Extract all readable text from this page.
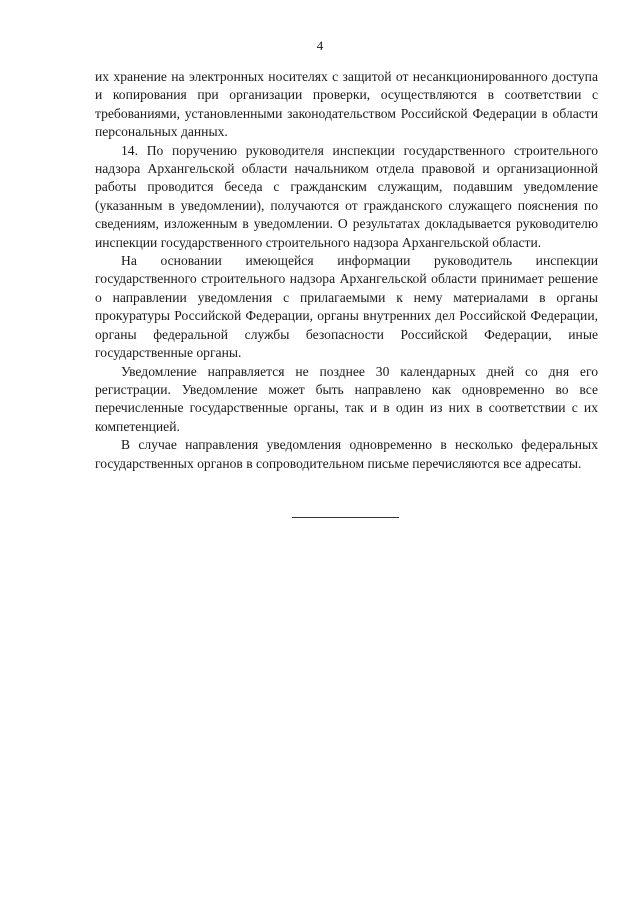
4

их хранение на электронных носителях с защитой от несанкционированного доступа и копирования при организации проверки, осуществляются в соответствии с требованиями, установленными законодательством Российской Федерации в области персональных данных.

14. По поручению руководителя инспекции государственного строительного надзора Архангельской области начальником отдела правовой и организационной работы проводится беседа с гражданским служащим, подавшим уведомление (указанным в уведомлении), получаются от гражданского служащего пояснения по сведениям, изложенным в уведомлении. О результатах докладывается руководителю инспекции государственного строительного надзора Архангельской области.

На основании имеющейся информации руководитель инспекции государственного строительного надзора Архангельской области принимает решение о направлении уведомления с прилагаемыми к нему материалами в органы прокуратуры Российской Федерации, органы внутренних дел Российской Федерации, органы федеральной службы безопасности Российской Федерации, иные государственные органы.

Уведомление направляется не позднее 30 календарных дней со дня его регистрации. Уведомление может быть направлено как одновременно во все перечисленные государственные органы, так и в один из них в соответствии с их компетенцией.

В случае направления уведомления одновременно в несколько федеральных государственных органов в сопроводительном письме перечисляются все адресаты.
